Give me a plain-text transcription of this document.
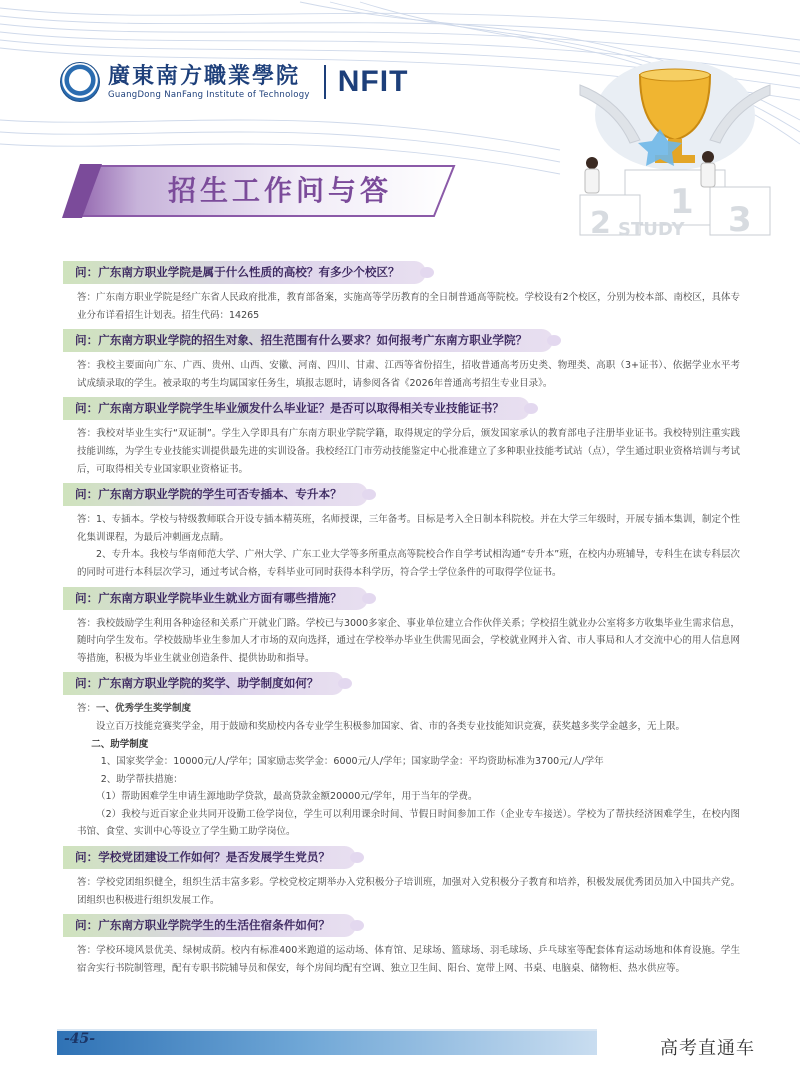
廣東南方職業學院
GuangDong NanFang Institute of Technology NFIT
招生工作问与答	1
2	3
STUDY
问：广东南方职业学院是属于什么性质的高校？有多少个校区？
答：广东南方职业学院是经广东省人民政府批准，教育部备案，实施高等学历教育的全日制普通高等院校。学校设有2个校区，分别为校本部、南校区，具体专业分布详看招生计划表。招生代码：14265
问：广东南方职业学院的招生对象、招生范围有什么要求？如何报考广东南方职业学院？
答：我校主要面向广东、广西、贵州、山西、安徽、河南、四川、甘肃、江西等省份招生，招收普通高考历史类、物理类、高职（3+证书）、依据学业水平考试成绩录取的学生。被录取的考生均属国家任务生，填报志愿时，请参阅各省《2026年普通高考招生专业目录》。
问：广东南方职业学院学生毕业颁发什么毕业证？是否可以取得相关专业技能证书？
答：我校对毕业生实行“双证制”。学生入学即具有广东南方职业学院学籍，取得规定的学分后，颁发国家承认的教育部电子注册毕业证书。我校特别注重实践技能训练，为学生专业技能实训提供最先进的实训设备。我校经江门市劳动技能鉴定中心批准建立了多种职业技能考试站（点），学生通过职业资格培训与考试后，可取得相关专业国家职业资格证书。
问：广东南方职业学院的学生可否专插本、专升本？
答：1、专插本。学校与特级教师联合开设专插本精英班，名师授课，三年备考。目标是考入全日制本科院校。并在大学三年级时，开展专插本集训，制定个性化集训课程，为最后冲刺画龙点睛。
2、专升本。我校与华南师范大学、广州大学、广东工业大学等多所重点高等院校合作自学考试相沟通“专升本”班，在校内办班辅导，专科生在读专科层次的同时可进行本科层次学习，通过考试合格，专科毕业可同时获得本科学历，符合学士学位条件的可取得学位证书。
问：广东南方职业学院毕业生就业方面有哪些措施？
答：我校鼓励学生利用各种途径和关系广开就业门路。学校已与3000多家企、事业单位建立合作伙伴关系；学校招生就业办公室将多方收集毕业生需求信息，随时向学生发布。学校鼓励毕业生参加人才市场的双向选择，通过在学校举办毕业生供需见面会，学校就业网并入省、市人事局和人才交流中心的用人信息网等措施，积极为毕业生就业创造条件、提供协助和指导。
问：广东南方职业学院的奖学、助学制度如何？
答：一、优秀学生奖学制度
设立百万技能竞赛奖学金，用于鼓励和奖励校内各专业学生积极参加国家、省、市的各类专业技能知识竞赛，获奖越多奖学金越多，无上限。
二、助学制度
1、国家奖学金：10000元/人/学年；国家励志奖学金：6000元/人/学年；国家助学金：平均资助标准为3700元/人/学年
2、助学帮扶措施：
（1）帮助困难学生申请生源地助学贷款，最高贷款金额20000元/学年，用于当年的学费。
（2）我校与近百家企业共同开设勤工俭学岗位，学生可以利用课余时间、节假日时间参加工作（企业专车接送）。学校为了帮扶经济困难学生，在校内图书馆、食堂、实训中心等设立了学生勤工助学岗位。
问：学校党团建设工作如何？是否发展学生党员？
答：学校党团组织健全，组织生活丰富多彩。学校党校定期举办入党积极分子培训班，加强对入党积极分子教育和培养，积极发展优秀团员加入中国共产党。团组织也积极进行组织发展工作。
问：广东南方职业学院学生的生活住宿条件如何？
答：学校环境风景优美、绿树成荫。校内有标准400米跑道的运动场、体育馆、足球场、篮球场、羽毛球场、乒乓球室等配套体育运动场地和体育设施。学生宿舍实行书院制管理，配有专职书院辅导员和保安，每个房间均配有空调、独立卫生间、阳台、宽带上网、书桌、电脑桌、储物柜、热水供应等。
-45-	高考直通车
